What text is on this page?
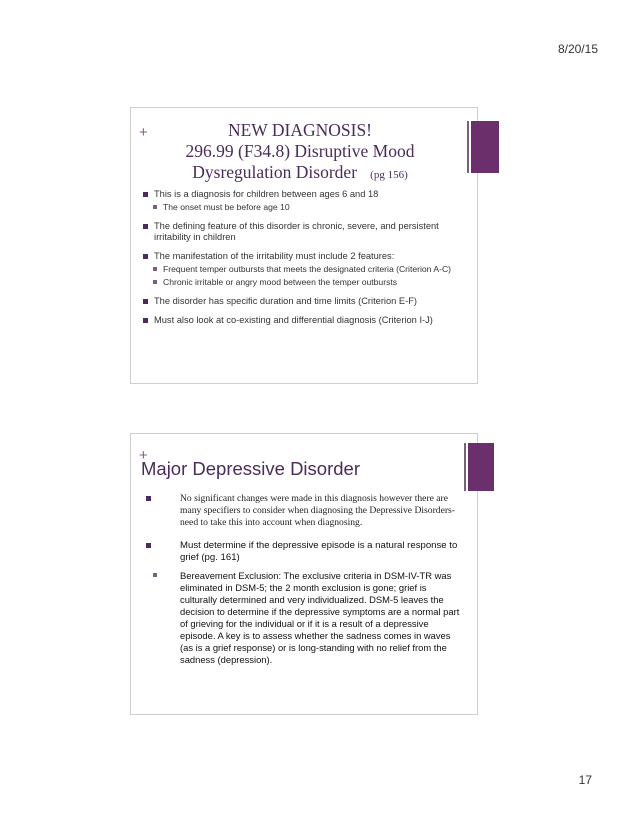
8/20/15
+	NEW DIAGNOSIS!
296.99 (F34.8) Disruptive Mood
Dysregulation Disorder (pg 156)
This is a diagnosis for children between ages 6 and 18
The onset must be before age 10
The defining feature of this disorder is chronic, severe, and persistent irritability in children
The manifestation of the irritability must include 2 features:
Frequent temper outbursts that meets the designated criteria (Criterion A-C)
Chronic irritable or angry mood between the temper outbursts
The disorder has specific duration and time limits (Criterion E-F)
Must also look at co-existing and differential diagnosis (Criterion I-J)
+
Major Depressive Disorder
No significant changes were made in this diagnosis however there are many specifiers to consider when diagnosing the Depressive Disorders- need to take this into account when diagnosing.
Must determine if the depressive episode is a natural response to grief (pg. 161)
Bereavement Exclusion: The exclusive criteria in DSM-IV-TR was eliminated in DSM-5; the 2 month exclusion is gone; grief is culturally determined and very individualized. DSM-5 leaves the decision to determine if the depressive symptoms are a normal part of grieving for the individual or if it is a result of a depressive episode. A key is to assess whether the sadness comes in waves (as is a grief response) or is long-standing with no relief from the sadness (depression).
17
